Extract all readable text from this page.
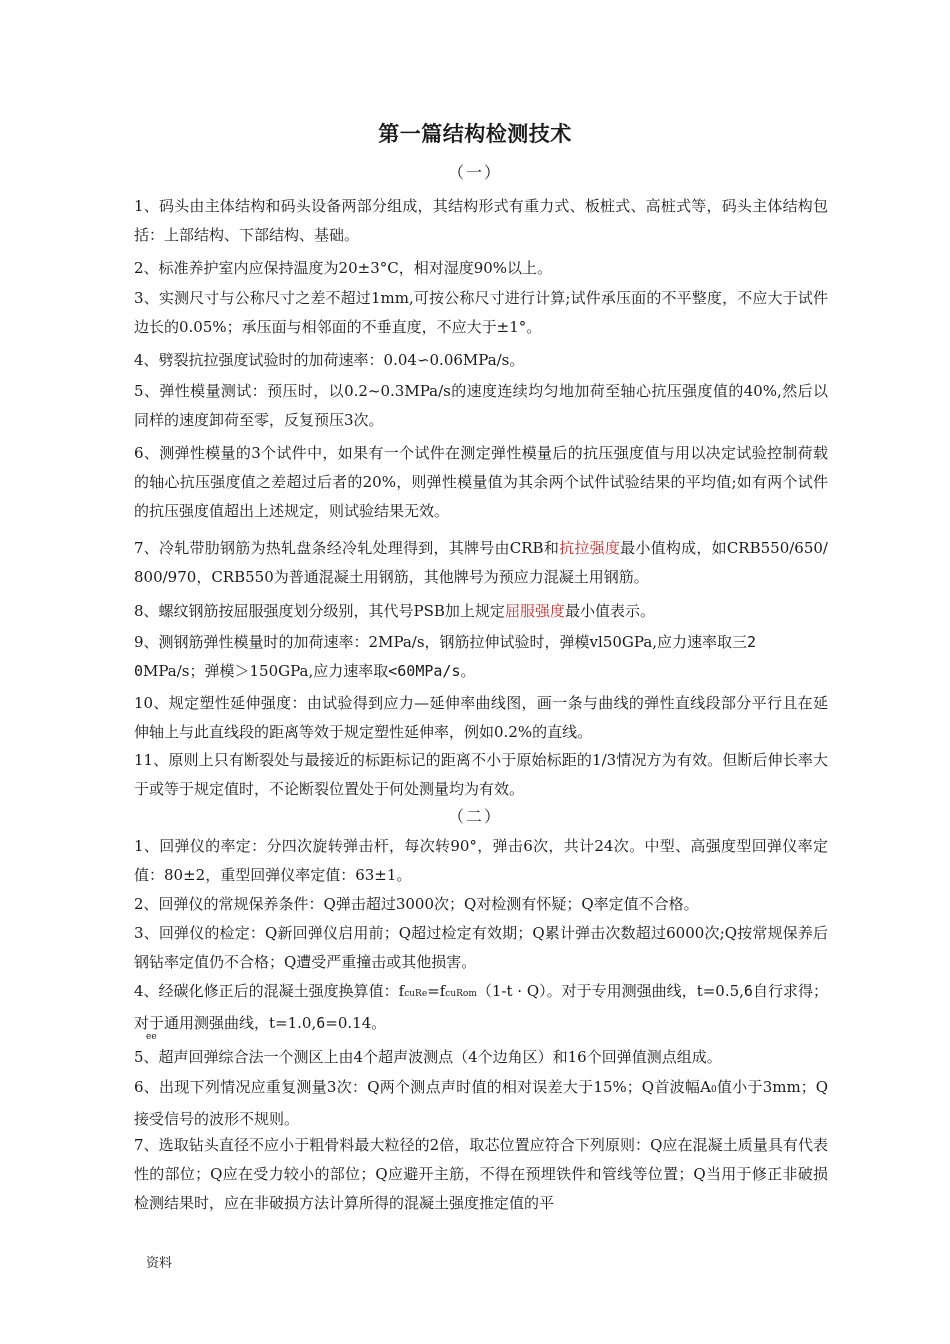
第一篇结构检测技术
（一）
1、码头由主体结构和码头设备两部分组成，其结构形式有重力式、板桩式、高桩式等，码头主体结构包括：上部结构、下部结构、基础。
2、标准养护室内应保持温度为20±3°C，相对湿度90%以上。
3、实测尺寸与公称尺寸之差不超过1mm,可按公称尺寸进行计算;试件承压面的不平整度，不应大于试件边长的0.05%；承压面与相邻面的不垂直度，不应大于±1°。
4、劈裂抗拉强度试验时的加荷速率：0.04∽0.06MPa/s。
5、弹性模量测试：预压时，以0.2~0.3MPa/s的速度连续均匀地加荷至轴心抗压强度值的40%,然后以同样的速度卸荷至零，反复预压3次。
6、测弹性模量的3个试件中，如果有一个试件在测定弹性模量后的抗压强度值与用以决定试验控制荷载的轴心抗压强度值之差超过后者的20%，则弹性模量值为其余两个试件试验结果的平均值;如有两个试件的抗压强度值超出上述规定，则试验结果无效。
7、冷轧带肋钢筋为热轧盘条经冷轧处理得到，其牌号由CRB和抗拉强度最小值构成，如CRB550/650/800/970，CRB550为普通混凝土用钢筋，其他牌号为预应力混凝土用钢筋。
8、螺纹钢筋按屈服强度划分级别，其代号PSB加上规定屈服强度最小值表示。
9、测钢筋弹性模量时的加荷速率：2MPa/s，钢筋拉伸试验时，弹模vl50GPa,应力速率取三2
0MPa/s；弹模＞150GPa,应力速率取<60MPa/s。
10、规定塑性延伸强度：由试验得到应力—延伸率曲线图，画一条与曲线的弹性直线段部分平行且在延伸轴上与此直线段的距离等效于规定塑性延伸率，例如0.2%的直线。
11、原则上只有断裂处与最接近的标距标记的距离不小于原始标距的1/3情况方为有效。但断后伸长率大于或等于规定值时，不论断裂位置处于何处测量均为有效。
（二）
1、回弹仪的率定：分四次旋转弹击杆，每次转90°，弹击6次，共计24次。中型、高强度型回弹仪率定值：80±2，重型回弹仪率定值：63±1。
2、回弹仪的常规保养条件：Q弹击超过3000次；Q对检测有怀疑；Q率定值不合格。
3、回弹仪的检定：Q新回弹仪启用前；Q超过检定有效期；Q累计弹击次数超过6000次;Q按常规保养后钢钻率定值仍不合格；Q遭受严重撞击或其他损害。
4、经碳化修正后的混凝土强度换算值：fcuRe=fcuRom（1-t · Q）。对于专用测强曲线，t=0.5,6自行求得；对于通用测强曲线，t=1.0,6=0.14。
ee
5、超声回弹综合法一个测区上由4个超声波测点（4个边角区）和16个回弹值测点组成。
6、出现下列情况应重复测量3次：Q两个测点声时值的相对误差大于15%；Q首波幅A0值小于3mm；Q接受信号的波形不规则。
7、选取钻头直径不应小于粗骨料最大粒径的2倍，取芯位置应符合下列原则：Q应在混凝土质量具有代表性的部位；Q应在受力较小的部位；Q应避开主筋，不得在预埋铁件和管线等位置；Q当用于修正非破损检测结果时，应在非破损方法计算所得的混凝土强度推定值的平
资料
